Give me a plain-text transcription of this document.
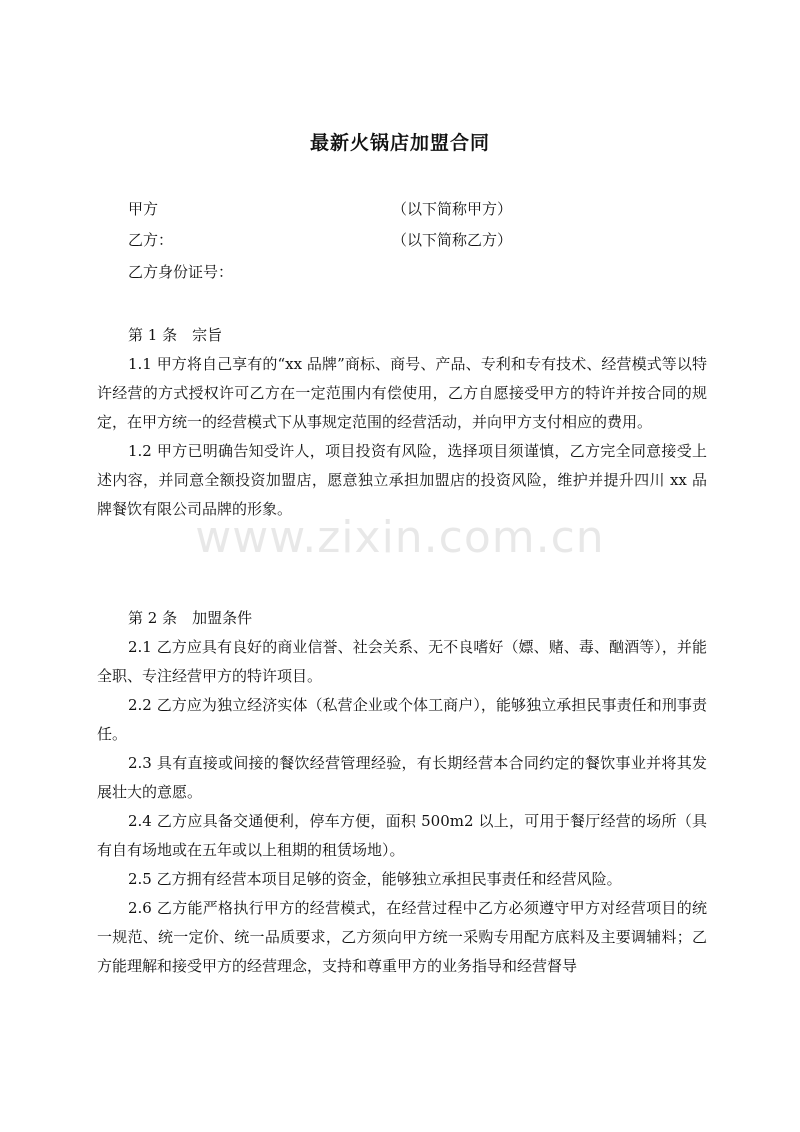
最新火锅店加盟合同
甲方	（以下简称甲方）
乙方：	（以下简称乙方）
乙方身份证号：

第 1 条　宗旨

1.1 甲方将自己享有的“xx 品牌”商标、商号、产品、专利和专有技术、经营模式等以特许经营的方式授权许可乙方在一定范围内有偿使用，乙方自愿接受甲方的特许并按合同的规定，在甲方统一的经营模式下从事规定范围的经营活动，并向甲方支付相应的费用。

1.2 甲方已明确告知受许人，项目投资有风险，选择项目须谨慎，乙方完全同意接受上述内容，并同意全额投资加盟店，愿意独立承担加盟店的投资风险，维护并提升四川 xx 品牌餐饮有限公司品牌的形象。

第 2 条　加盟条件

2.1 乙方应具有良好的商业信誉、社会关系、无不良嗜好（嫖、赌、毒、酗酒等），并能全职、专注经营甲方的特许项目。

2.2 乙方应为独立经济实体（私营企业或个体工商户），能够独立承担民事责任和刑事责任。

2.3 具有直接或间接的餐饮经营管理经验，有长期经营本合同约定的餐饮事业并将其发展壮大的意愿。

2.4 乙方应具备交通便利，停车方便，面积 500m2 以上，可用于餐厅经营的场所（具有自有场地或在五年或以上租期的租赁场地）。

2.5 乙方拥有经营本项目足够的资金，能够独立承担民事责任和经营风险。

2.6 乙方能严格执行甲方的经营模式，在经营过程中乙方必须遵守甲方对经营项目的统一规范、统一定价、统一品质要求，乙方须向甲方统一采购专用配方底料及主要调辅料；乙方能理解和接受甲方的经营理念，支持和尊重甲方的业务指导和经营督导

www.zixin.com.cn
